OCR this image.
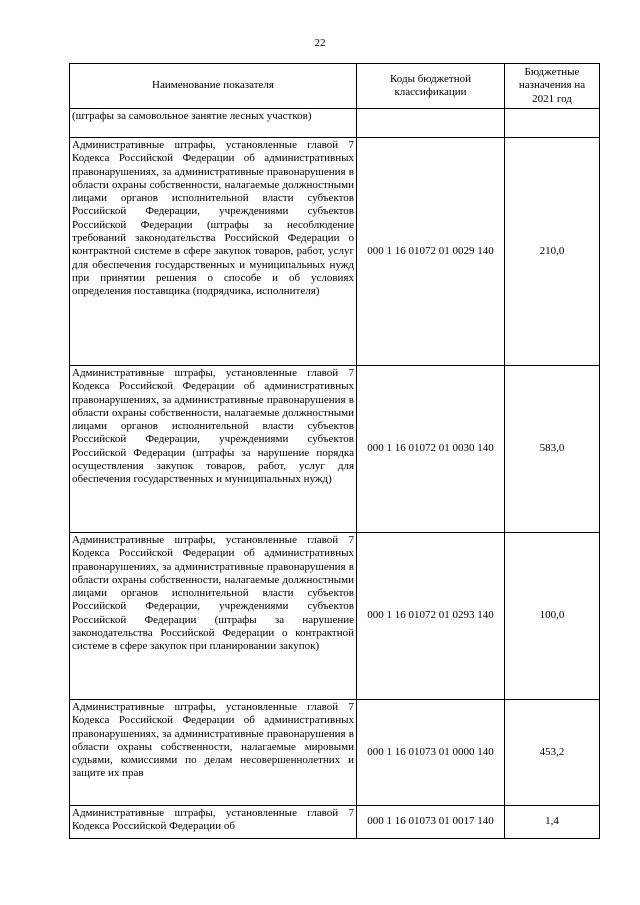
22
Наименование показателя	Коды бюджетной классификации	Бюджетные назначения на 2021 год
(штрафы за самовольное занятие лесных участков)		
Административные штрафы, установленные главой 7 Кодекса Российской Федерации об административных правонарушениях, за административные правонарушения в области охраны собственности, налагаемые должностными лицами органов исполнительной власти субъектов Российской Федерации, учреждениями субъектов Российской Федерации (штрафы за несоблюдение требований законодательства Российской Федерации о контрактной системе в сфере закупок товаров, работ, услуг для обеспечения государственных и муниципальных нужд при принятии решения о способе и об условиях определения поставщика (подрядчика, исполнителя)	000 1 16 01072 01 0029 140	210,0
Административные штрафы, установленные главой 7 Кодекса Российской Федерации об административных правонарушениях, за административные правонарушения в области охраны собственности, налагаемые должностными лицами органов исполнительной власти субъектов Российской Федерации, учреждениями субъектов Российской Федерации (штрафы за нарушение порядка осуществления закупок товаров, работ, услуг для обеспечения государственных и муниципальных нужд)	000 1 16 01072 01 0030 140	583,0
Административные штрафы, установленные главой 7 Кодекса Российской Федерации об административных правонарушениях, за административные правонарушения в области охраны собственности, налагаемые должностными лицами органов исполнительной власти субъектов Российской Федерации, учреждениями субъектов Российской Федерации (штрафы за нарушение законодательства Российской Федерации о контрактной системе в сфере закупок при планировании закупок)	000 1 16 01072 01 0293 140	100,0
Административные штрафы, установленные главой 7 Кодекса Российской Федерации об административных правонарушениях, за административные правонарушения в области охраны собственности, налагаемые мировыми судьями, комиссиями по делам несовершеннолетних и защите их прав	000 1 16 01073 01 0000 140	453,2
Административные штрафы, установленные главой 7 Кодекса Российской Федерации об	000 1 16 01073 01 0017 140	1,4
